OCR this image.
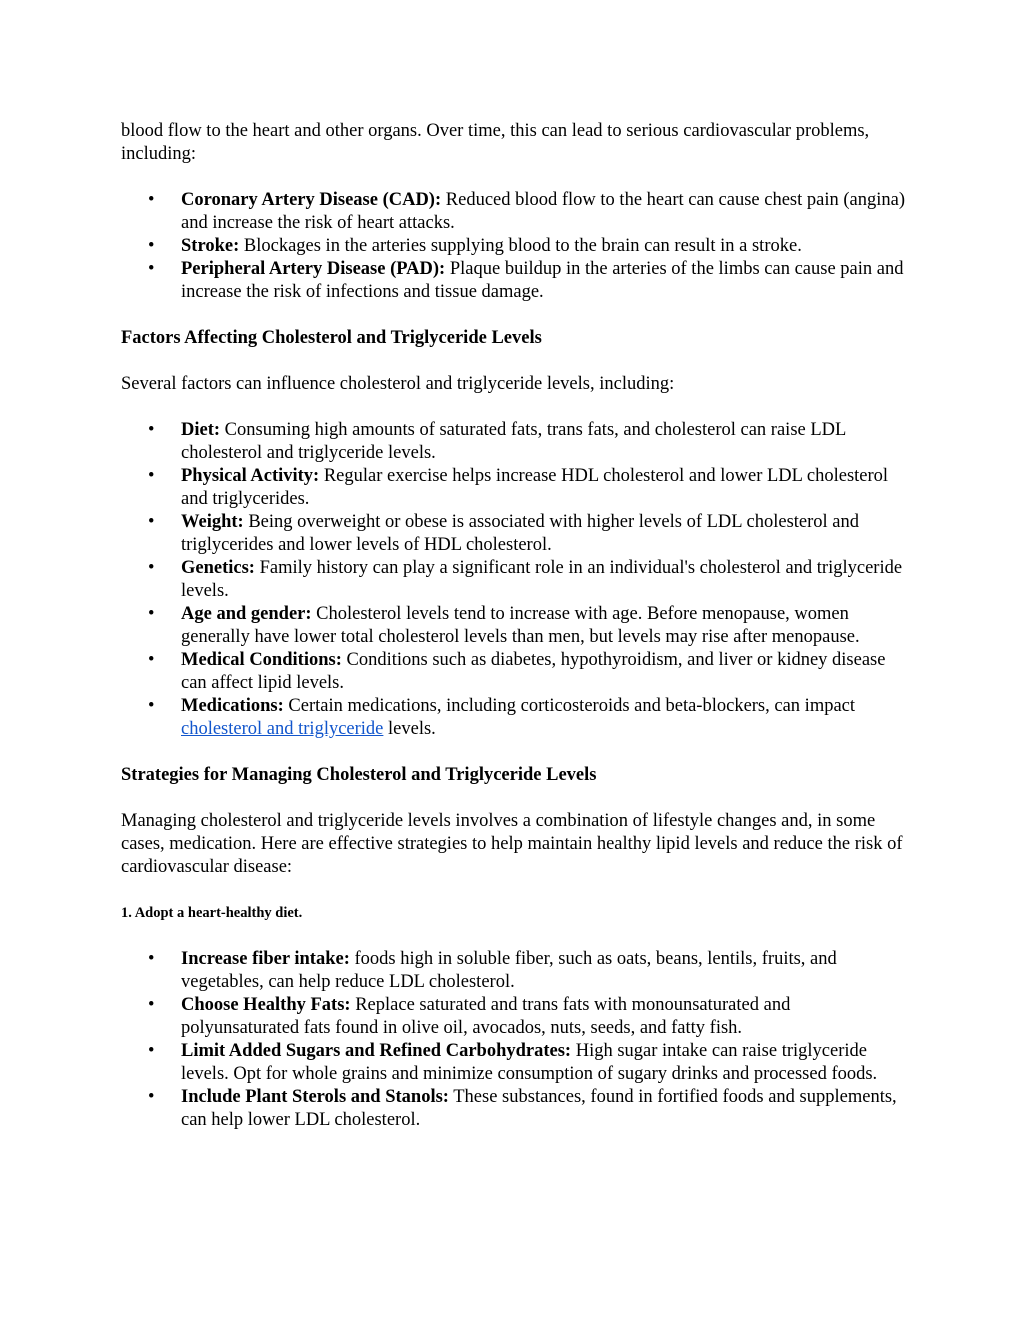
blood flow to the heart and other organs. Over time, this can lead to serious cardiovascular problems, including:

• Coronary Artery Disease (CAD): Reduced blood flow to the heart can cause chest pain (angina) and increase the risk of heart attacks.
• Stroke: Blockages in the arteries supplying blood to the brain can result in a stroke.
• Peripheral Artery Disease (PAD): Plaque buildup in the arteries of the limbs can cause pain and increase the risk of infections and tissue damage.

Factors Affecting Cholesterol and Triglyceride Levels

Several factors can influence cholesterol and triglyceride levels, including:

• Diet: Consuming high amounts of saturated fats, trans fats, and cholesterol can raise LDL cholesterol and triglyceride levels.
• Physical Activity: Regular exercise helps increase HDL cholesterol and lower LDL cholesterol and triglycerides.
• Weight: Being overweight or obese is associated with higher levels of LDL cholesterol and triglycerides and lower levels of HDL cholesterol.
• Genetics: Family history can play a significant role in an individual's cholesterol and triglyceride levels.
• Age and gender: Cholesterol levels tend to increase with age. Before menopause, women generally have lower total cholesterol levels than men, but levels may rise after menopause.
• Medical Conditions: Conditions such as diabetes, hypothyroidism, and liver or kidney disease can affect lipid levels.
• Medications: Certain medications, including corticosteroids and beta-blockers, can impact cholesterol and triglyceride levels.

Strategies for Managing Cholesterol and Triglyceride Levels

Managing cholesterol and triglyceride levels involves a combination of lifestyle changes and, in some cases, medication. Here are effective strategies to help maintain healthy lipid levels and reduce the risk of cardiovascular disease:

1. Adopt a heart-healthy diet.

• Increase fiber intake: foods high in soluble fiber, such as oats, beans, lentils, fruits, and vegetables, can help reduce LDL cholesterol.
• Choose Healthy Fats: Replace saturated and trans fats with monounsaturated and polyunsaturated fats found in olive oil, avocados, nuts, seeds, and fatty fish.
• Limit Added Sugars and Refined Carbohydrates: High sugar intake can raise triglyceride levels. Opt for whole grains and minimize consumption of sugary drinks and processed foods.
• Include Plant Sterols and Stanols: These substances, found in fortified foods and supplements, can help lower LDL cholesterol.
